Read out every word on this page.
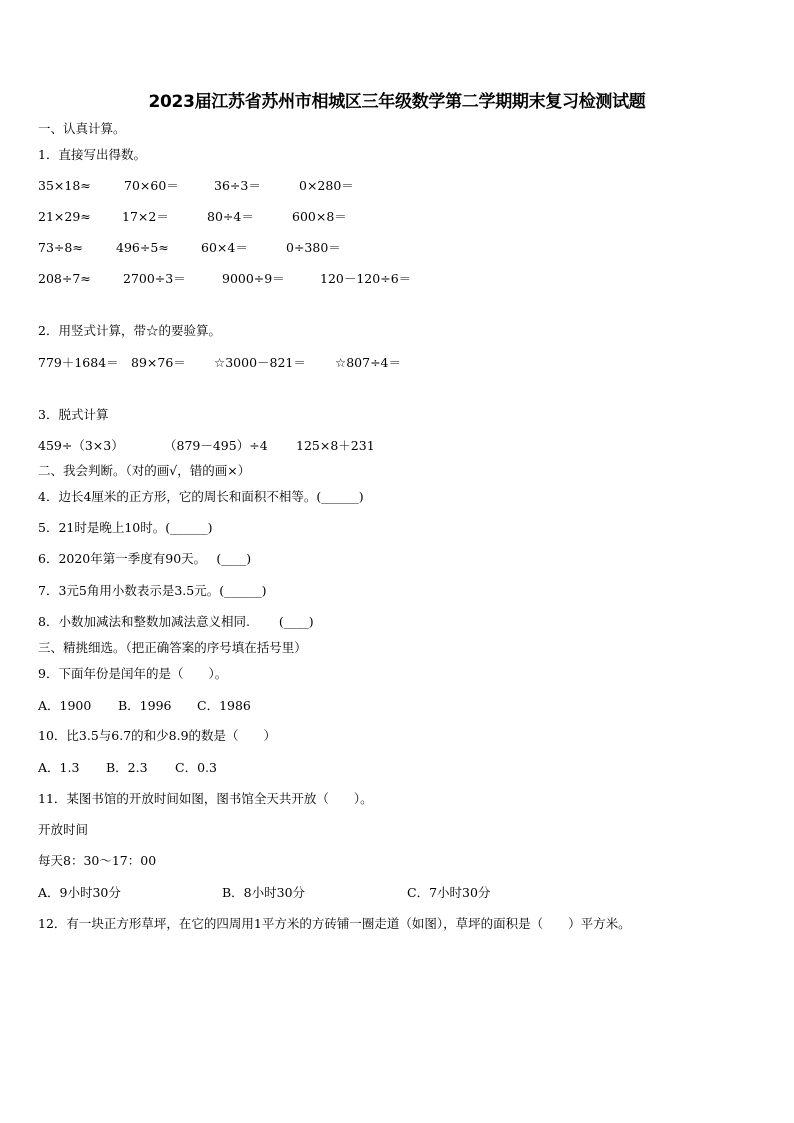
2023届江苏省苏州市相城区三年级数学第二学期期末复习检测试题
一、认真计算。
1．直接写出得数。
35×18≈	70×60＝	36÷3＝	0×280＝
21×29≈ 17×2＝	80÷4＝	600×8＝
73÷8≈	496÷5≈	60×4＝	0÷380＝
208÷7≈	2700÷3＝	9000÷9＝	120－120÷6＝
2．用竖式计算，带☆的要验算。
779＋1684＝ 89×76＝ ☆3000－821＝ ☆807÷4＝
3．脱式计算
459÷（3×3）	（879－495）÷4 125×8＋231
二、我会判断。（对的画√，错的画×）
4．边长4厘米的正方形，它的周长和面积不相等。(______)
5．21时是晚上10时。(______)
6．2020年第一季度有90天。　 (____)
7．3元5角用小数表示是3.5元。(______)
8．小数加减法和整数加减法意义相同.　　 (____)
三、精挑细选。（把正确答案的序号填在括号里）
9．下面年份是闰年的是（　　）。
A．1900 B．1996 C．1986
10．比3.5与6.7的和少8.9的数是（　　）
A．1.3 B．2.3 C．0.3
11．某图书馆的开放时间如图，图书馆全天共开放（　　）。
开放时间
每天8：30～17：00
A．9小时30分	B．8小时30分	C．7小时30分
12．有一块正方形草坪，在它的四周用1平方米的方砖铺一圈走道（如图），草坪的面积是（　　）平方米。
